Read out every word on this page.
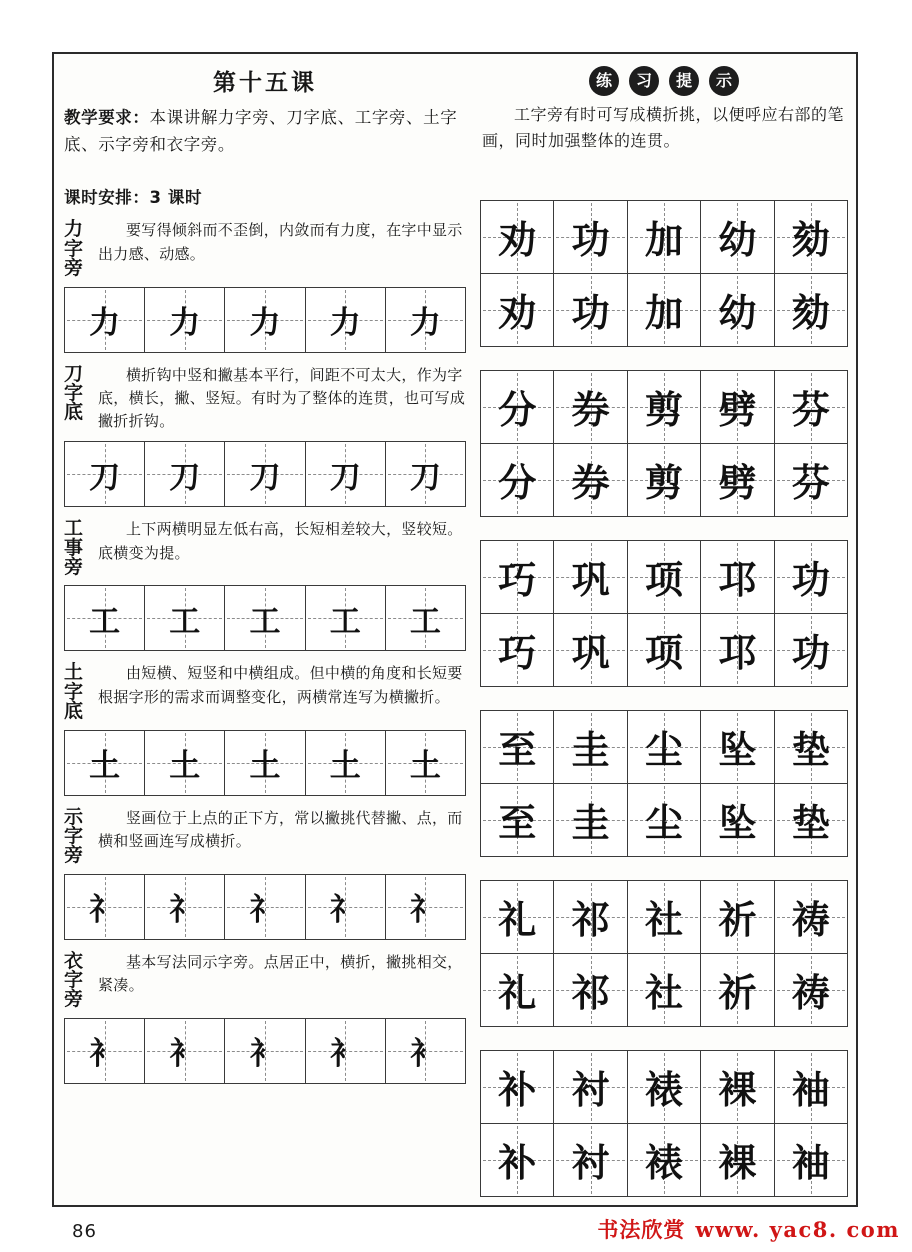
第十五课
教学要求：本课讲解力字旁、刀字底、工字旁、土字底、示字旁和衣字旁。
课时安排：3 课时
力
字
旁
要写得倾斜而不歪倒，内敛而有力度，在字中显示出力感、动感。
力	力	力	力	力
刀
字
底
横折钩中竖和撇基本平行，间距不可太大，作为字底，横长，撇、竖短。有时为了整体的连贯，也可写成撇折折钩。
刀	刀	刀	刀	刀
工
事
旁
上下两横明显左低右高，长短相差较大，竖较短。底横变为提。
工	工	工	工	工
土
字
底
由短横、短竖和中横组成。但中横的角度和长短要根据字形的需求而调整变化，两横常连写为横撇折。
土	土	土	土	土
示
字
旁
竖画位于上点的正下方，常以撇挑代替撇、点，而横和竖画连写成横折。
礻	礻	礻	礻	礻
衣
字
旁
基本写法同示字旁。点居正中，横折，撇挑相交，紧凑。
衤	衤	衤	衤	衤
练	习	提	示
工字旁有时可写成横折挑，以便呼应右部的笔画，同时加强整体的连贯。
劝 功 加 幼 劾
劝 功 加 幼 劾
分 券 剪 劈 芬
分 券 剪 劈 芬
巧 巩 项 邛 功
巧 巩 项 邛 功
至 圭 尘 坠 垫
至 圭 尘 坠 垫
礼 祁 社 祈 祷
礼 祁 社 祈 祷
补 衬 裱 裸 袖
补 衬 裱 裸 袖
86	书法欣赏 www. yac8. com
